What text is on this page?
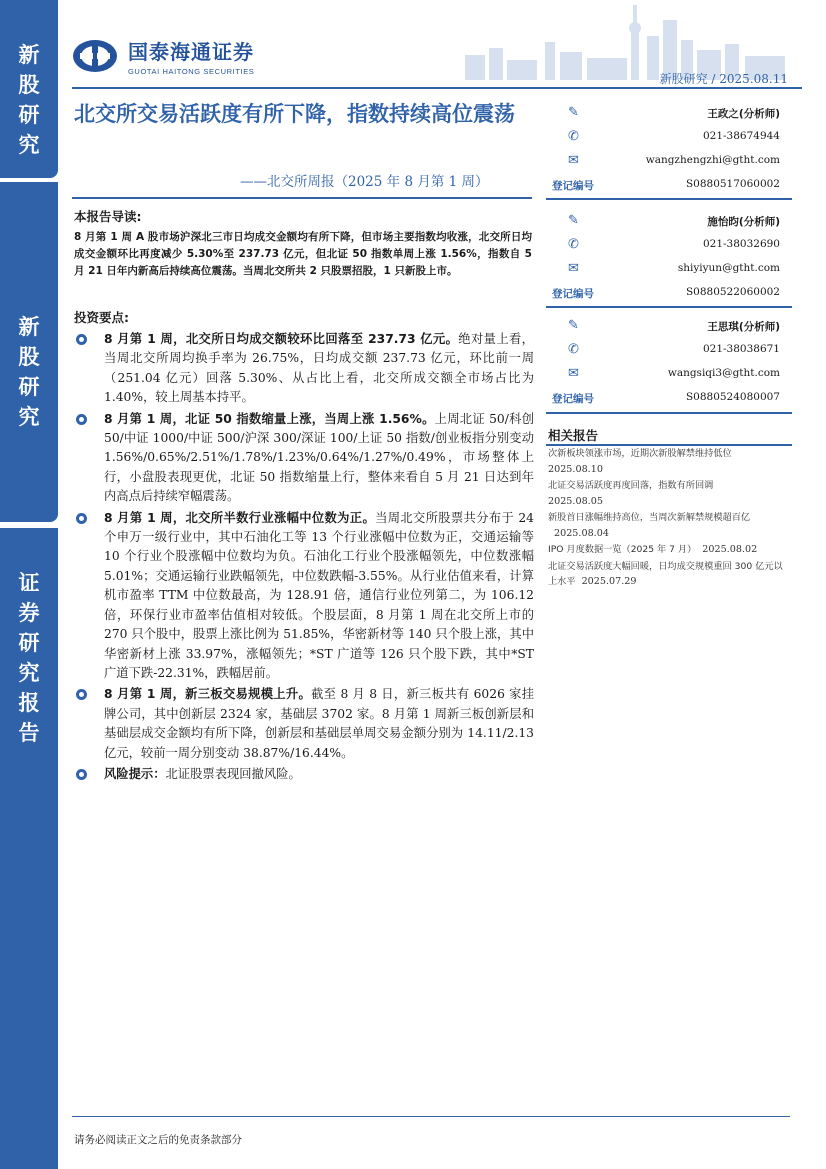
新
股
研
究
新
股
研
究
证
券
研
究
报
告
国泰海通证券
GUOTAI HAITONG SECURITIES
新股研究 / 2025.08.11
北交所交易活跃度有所下降，指数持续高位震荡
——北交所周报（2025 年 8 月第 1 周）
本报告导读:
8 月第 1 周 A 股市场沪深北三市日均成交金额均有所下降，但市场主要指数均收涨，北交所日均成交金额环比再度减少 5.30%至 237.73 亿元，但北证 50 指数单周上涨 1.56%，指数自 5 月 21 日年内新高后持续高位震荡。当周北交所共 2 只股票招股，1 只新股上市。
投资要点:
8 月第 1 周，北交所日均成交额较环比回落至 237.73 亿元。绝对量上看，当周北交所周均换手率为 26.75%，日均成交额 237.73 亿元，环比前一周（251.04 亿元）回落 5.30%、从占比上看，北交所成交额全市场占比为 1.40%，较上周基本持平。
8 月第 1 周，北证 50 指数缩量上涨，当周上涨 1.56%。上周北证 50/科创 50/中证 1000/中证 500/沪深 300/深证 100/上证 50 指数/创业板指分别变动 1.56%/0.65%/2.51%/1.78%/1.23%/0.64%/1.27%/0.49%，市场整体上行，小盘股表现更优，北证 50 指数缩量上行，整体来看自 5 月 21 日达到年内高点后持续窄幅震荡。
8 月第 1 周，北交所半数行业涨幅中位数为正。当周北交所股票共分布于 24 个申万一级行业中，其中石油化工等 13 个行业涨幅中位数为正，交通运输等 10 个行业个股涨幅中位数均为负。石油化工行业个股涨幅领先，中位数涨幅 5.01%；交通运输行业跌幅领先，中位数跌幅-3.55%。从行业估值来看，计算机市盈率 TTM 中位数最高，为 128.91 倍，通信行业位列第二，为 106.12 倍，环保行业市盈率估值相对较低。个股层面，8 月第 1 周在北交所上市的 270 只个股中，股票上涨比例为 51.85%，华密新材等 140 只个股上涨，其中华密新材上涨 33.97%，涨幅领先；*ST 广道等 126 只个股下跌，其中*ST 广道下跌-22.31%，跌幅居前。
8 月第 1 周，新三板交易规模上升。截至 8 月 8 日，新三板共有 6026 家挂牌公司，其中创新层 2324 家，基础层 3702 家。8 月第 1 周新三板创新层和基础层成交金额均有所下降，创新层和基础层单周交易金额分别为 14.11/2.13 亿元，较前一周分别变动 38.87%/16.44%。
风险提示：北证股票表现回撤风险。
✎	王政之(分析师)
✆	021-38674944
✉	wangzhengzhi@gtht.com
登记编号	S0880517060002
✎	施怡昀(分析师)
✆	021-38032690
✉	shiyiyun@gtht.com
登记编号	S0880522060002
✎	王思琪(分析师)
✆	021-38038671
✉	wangsiqi3@gtht.com
登记编号	S0880524080007
相关报告
次新板块领涨市场，近期次新股解禁维持低位
2025.08.10
北证交易活跃度再度回落，指数有所回调
2025.08.05
新股首日涨幅维持高位，当周次新解禁规模超百亿2025.08.04
IPO 月度数据一览（2025 年 7 月） 2025.08.02
北证交易活跃度大幅回暖，日均成交规模重回 300 亿元以上水平 2025.07.29
请务必阅读正文之后的免责条款部分
